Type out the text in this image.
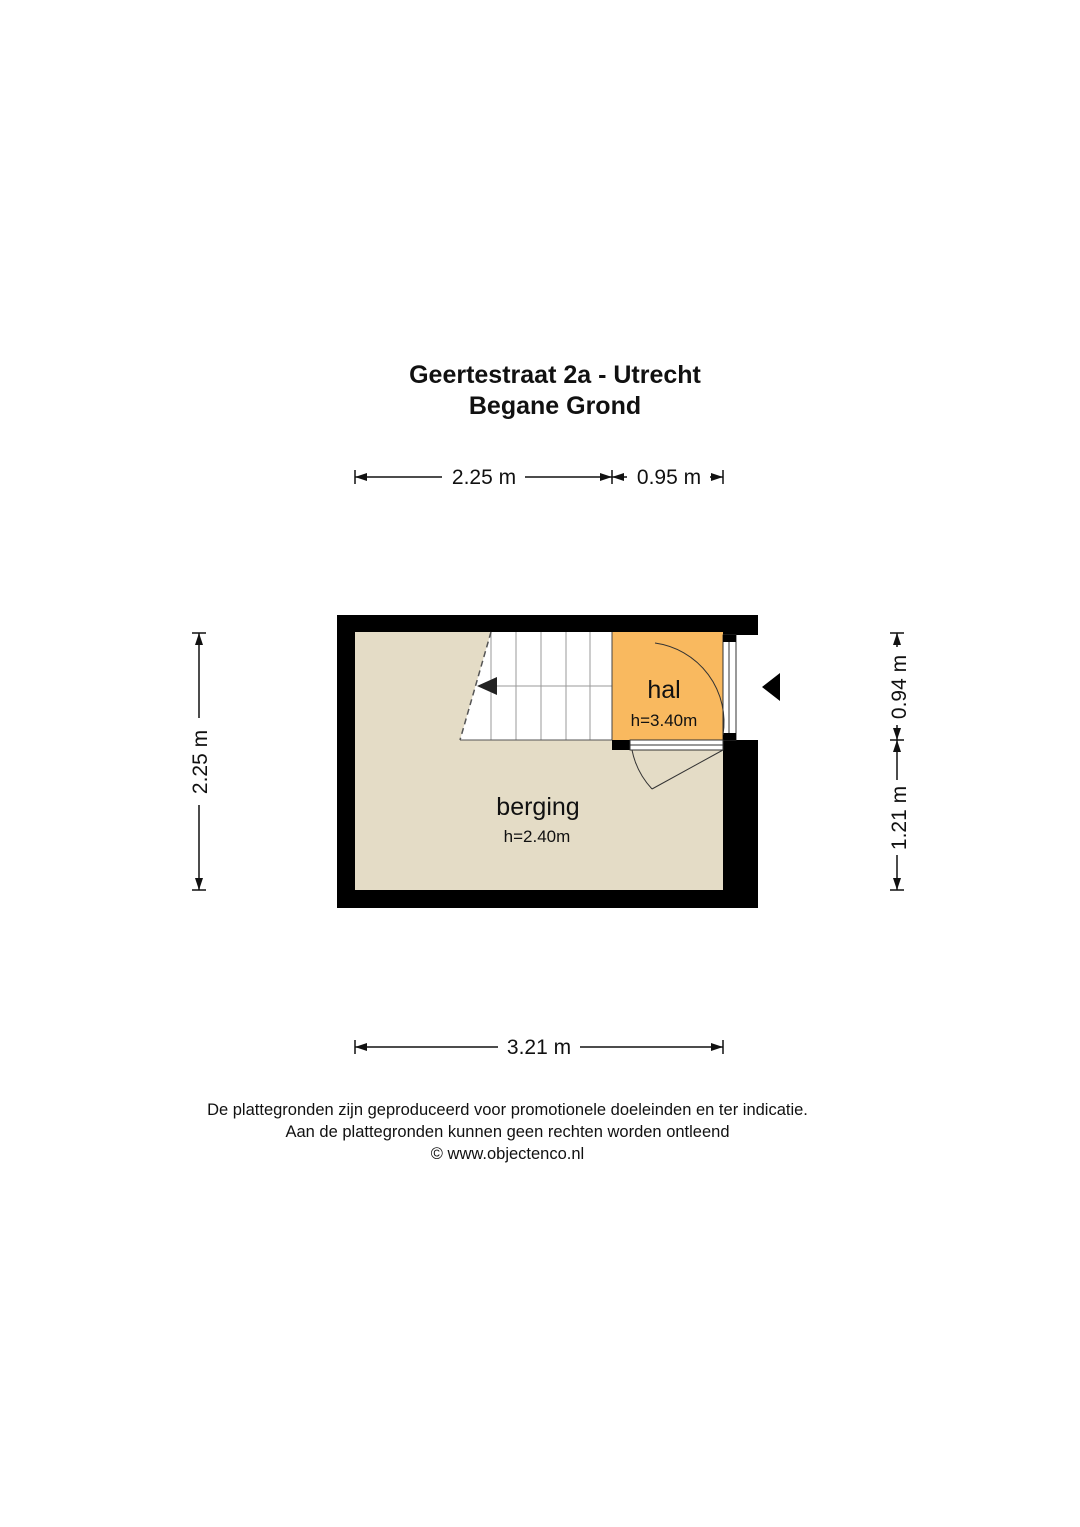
Geertestraat 2a - Utrecht
Begane Grond
2.25 m	0.95 m
2.25 m
0.94 m
1.21 m
3.21 m
hal
h=3.40m
berging
h=2.40m
De plattegronden zijn geproduceerd voor promotionele doeleinden en ter indicatie.
Aan de plattegronden kunnen geen rechten worden ontleend
© www.objectenco.nl
